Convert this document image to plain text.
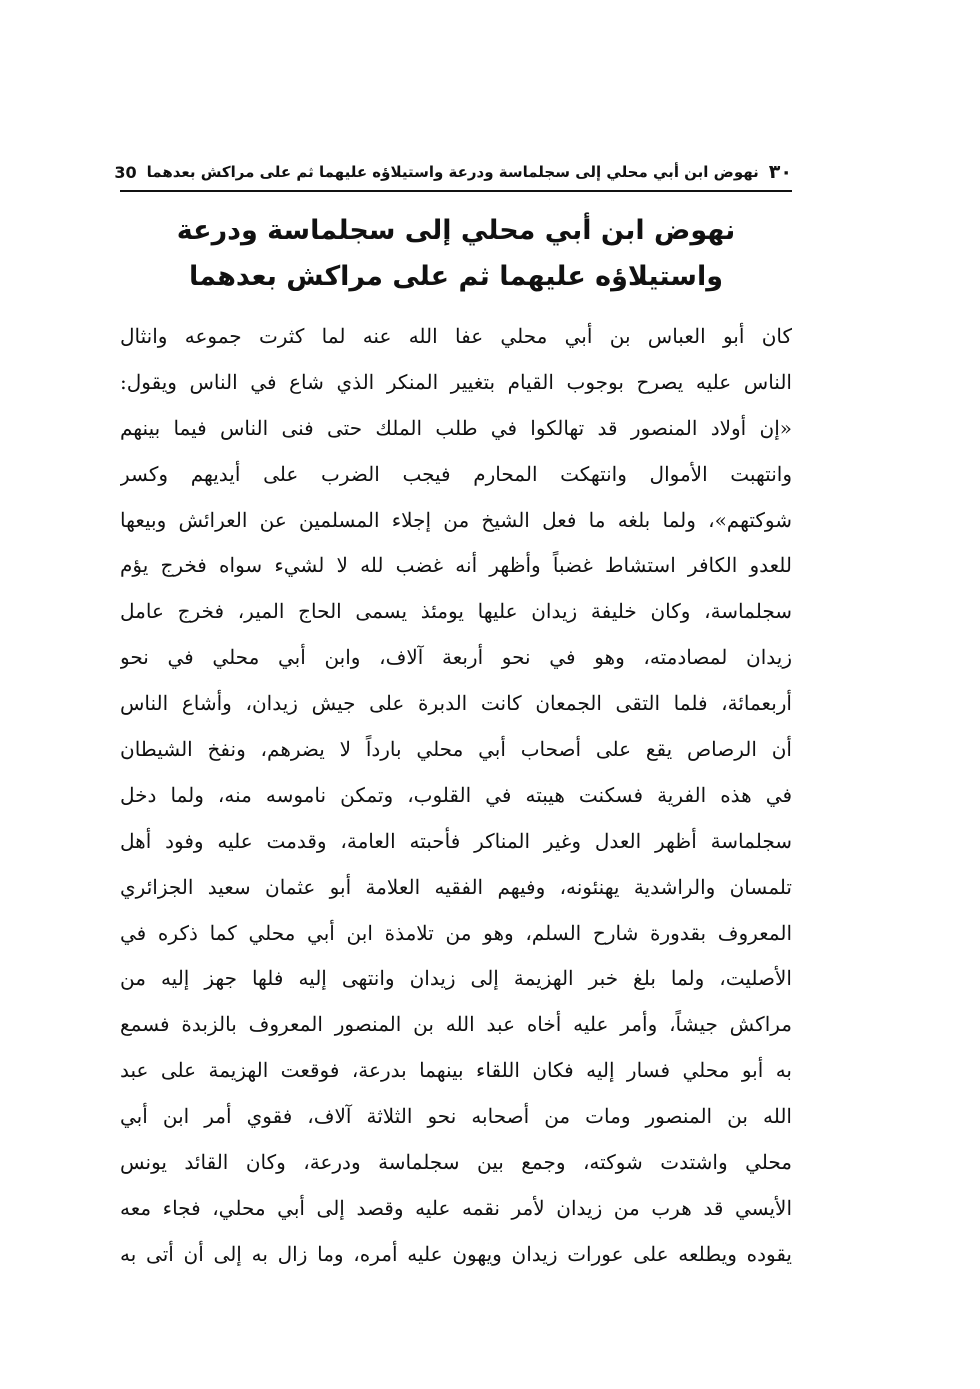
٣٠
نهوض ابن أبي محلي إلى سجلماسة ودرعة واستيلاؤه عليهما ثم على مراكش بعدهما
30
نهوض ابن أبي محلي إلى سجلماسة ودرعة
واستيلاؤه عليهما ثم على مراكش بعدهما
كان أبو العباس بن أبي محلي عفا الله عنه لما كثرت جموعه وانثال
الناس عليه يصرح بوجوب القيام بتغيير المنكر الذي شاع في الناس ويقول:
«إن أولاد المنصور قد تهالكوا في طلب الملك حتى فنى الناس فيما بينهم
وانتهبت الأموال وانتهكت المحارم فيجب الضرب على أيديهم وكسر
شوكتهم»، ولما بلغه ما فعل الشيخ من إجلاء المسلمين عن العرائش وبيعها
للعدو الكافر استشاط غضباً وأظهر أنه غضب لله لا لشيء سواه فخرج يؤم
سجلماسة، وكان خليفة زيدان عليها يومئذ يسمى الحاج المير، فخرج عامل
زيدان لمصادمته، وهو في نحو أربعة آلاف، وابن أبي محلي في نحو
أربعمائة، فلما التقى الجمعان كانت الدبرة على جيش زيدان، وأشاع الناس
أن الرصاص يقع على أصحاب أبي محلي بارداً لا يضرهم، ونفخ الشيطان
في هذه الفرية فسكنت هيبته في القلوب، وتمكن ناموسه منه، ولما دخل
سجلماسة أظهر العدل وغير المناكر فأحبته العامة، وقدمت عليه وفود أهل
تلمسان والراشدية يهنئونه، وفيهم الفقيه العلامة أبو عثمان سعيد الجزائري
المعروف بقدورة شارح السلم، وهو من تلامذة ابن أبي محلي كما ذكره في
الأصليت، ولما بلغ خبر الهزيمة إلى زيدان وانتهى إليه فلها جهز إليه من
مراكش جيشاً، وأمر عليه أخاه عبد الله بن المنصور المعروف بالزبدة فسمع
به أبو محلي فسار إليه فكان اللقاء بينهما بدرعة، فوقعت الهزيمة على عبد
الله بن المنصور ومات من أصحابه نحو الثلاثة آلاف، فقوي أمر ابن أبي
محلي واشتدت شوكته، وجمع بين سجلماسة ودرعة، وكان القائد يونس
الأيسي قد هرب من زيدان لأمر نقمه عليه وقصد إلى أبي محلي، فجاء معه
يقوده ويطلعه على عورات زيدان ويهون عليه أمره، وما زال به إلى أن أتى به
